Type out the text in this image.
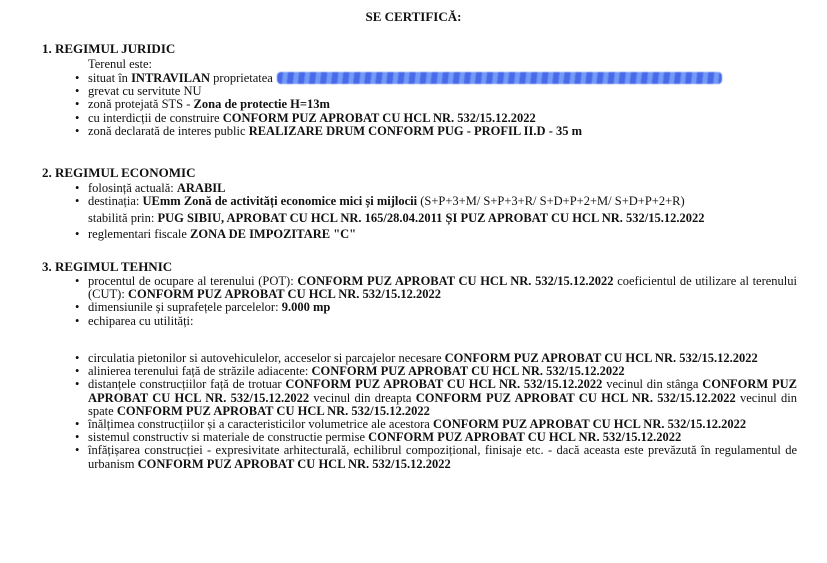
SE CERTIFICĂ:
1. REGIMUL JURIDIC
Terenul este:
• situat în INTRAVILAN proprietatea
• grevat cu servitute NU
• zonă protejată STS - Zona de protectie H=13m
• cu interdicții de construire CONFORM PUZ APROBAT CU HCL NR. 532/15.12.2022
• zonă declarată de interes public REALIZARE DRUM CONFORM PUG - PROFIL II.D - 35 m
2. REGIMUL ECONOMIC
• folosință actuală: ARABIL
• destinația: UEmm Zonă de activități economice mici și mijlocii (S+P+3+M/ S+P+3+R/ S+D+P+2+M/ S+D+P+2+R)
stabilită prin: PUG SIBIU, APROBAT CU HCL NR. 165/28.04.2011 ȘI PUZ APROBAT CU HCL NR. 532/15.12.2022
• reglementari fiscale ZONA DE IMPOZITARE "C"
3. REGIMUL TEHNIC
• procentul de ocupare al terenului (POT): CONFORM PUZ APROBAT CU HCL NR. 532/15.12.2022 coeficientul de utilizare al terenului (CUT): CONFORM PUZ APROBAT CU HCL NR. 532/15.12.2022
• dimensiunile și suprafețele parcelelor: 9.000 mp
• echiparea cu utilități:
• circulatia pietonilor si autovehiculelor, acceselor si parcajelor necesare CONFORM PUZ APROBAT CU HCL NR. 532/15.12.2022
• alinierea terenului față de străzile adiacente: CONFORM PUZ APROBAT CU HCL NR. 532/15.12.2022
• distanțele construcțiilor față de trotuar CONFORM PUZ APROBAT CU HCL NR. 532/15.12.2022 vecinul din stânga CONFORM PUZ APROBAT CU HCL NR. 532/15.12.2022 vecinul din dreapta CONFORM PUZ APROBAT CU HCL NR. 532/15.12.2022 vecinul din spate CONFORM PUZ APROBAT CU HCL NR. 532/15.12.2022
• înălțimea construcțiilor și a caracteristicilor volumetrice ale acestora CONFORM PUZ APROBAT CU HCL NR. 532/15.12.2022
• sistemul constructiv si materiale de constructie permise CONFORM PUZ APROBAT CU HCL NR. 532/15.12.2022
• înfățișarea construcției - expresivitate arhitecturală, echilibrul compozițional, finisaje etc. - dacă aceasta este prevăzută în regulamentul de urbanism CONFORM PUZ APROBAT CU HCL NR. 532/15.12.2022
